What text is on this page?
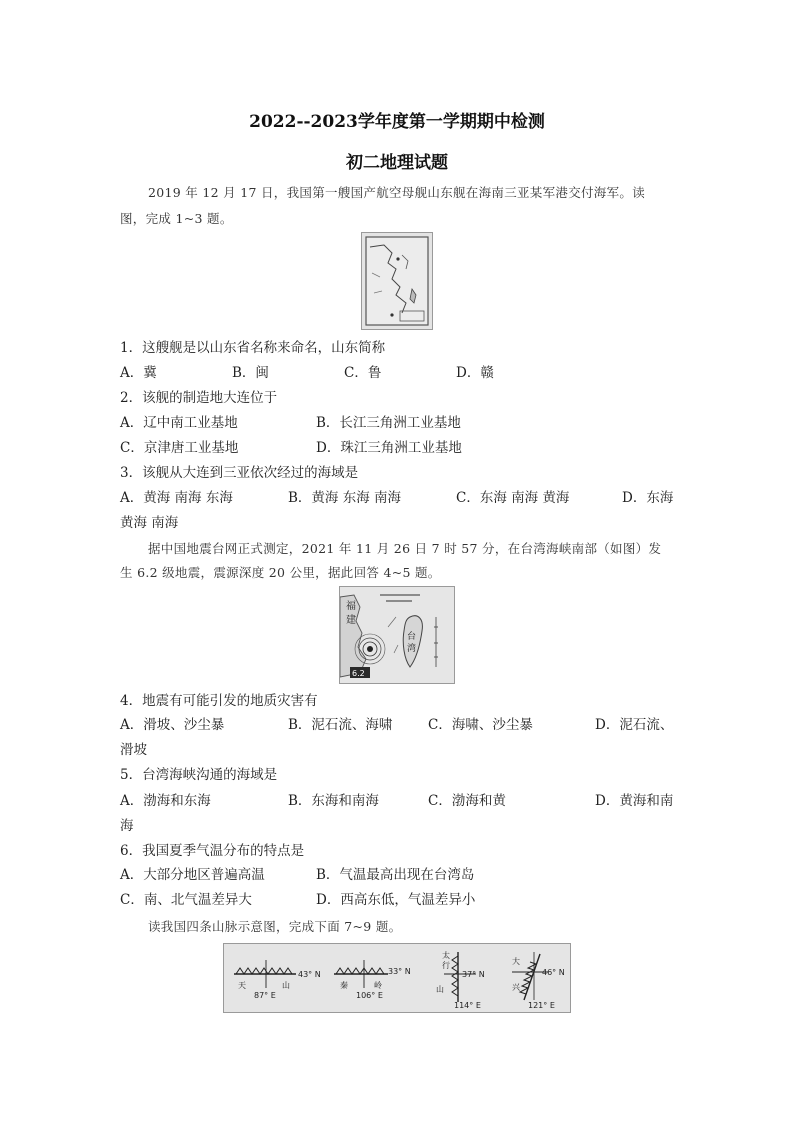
2022--2023学年度第一学期期中检测
初二地理试题
2019 年 12 月 17 日，我国第一艘国产航空母舰山东舰在海南三亚某军港交付海军。读
图，完成 1~3 题。
1．这艘舰是以山东省名称来命名，山东简称
A．冀	B．闽	C．鲁	D．赣
2．该舰的制造地大连位于
A．辽中南工业基地	B．长江三角洲工业基地
C．京津唐工业基地	D．珠江三角洲工业基地
3．该舰从大连到三亚依次经过的海域是
A．黄海 南海 东海	B．黄海 东海 南海	C．东海 南海 黄海	D．东海
黄海 南海
据中国地震台网正式测定，2021 年 11 月 26 日 7 时 57 分，在台湾海峡南部（如图）发
生 6.2 级地震，震源深度 20 公里，据此回答 4~5 题。
福
建
台
湾
6.2
4．地震有可能引发的地质灾害有
A．滑坡、沙尘暴	B．泥石流、海啸	C．海啸、沙尘暴	D．泥石流、
滑坡
5．台湾海峡沟通的海域是
A．渤海和东海	B．东海和南海	C．渤海和黄	D．黄海和南
海
6．我国夏季气温分布的特点是
A．大部分地区普遍高温	B．气温最高出现在台湾岛
C．南、北气温差异大	D．西高东低，气温差异小
读我国四条山脉示意图，完成下面 7~9 题。
43° N
87° E
天	山
33° N
106° E
秦	岭
37° N
114° E
太
行
山
46° N
121° E
大
兴
